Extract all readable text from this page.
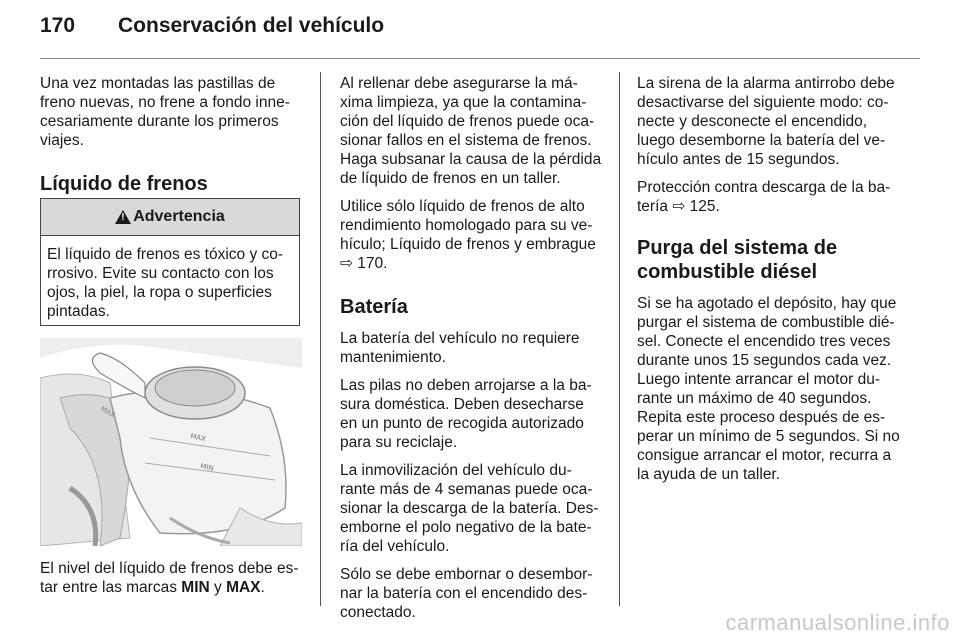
170	Conservación del vehículo

Una vez montadas las pastillas de freno nuevas, no frene a fondo inne-cesariamente durante los primeros viajes.

Líquido de frenos
! Advertencia
El líquido de frenos es tóxico y co-rrosivo. Evite su contacto con los ojos, la piel, la ropa o superficies pintadas.
MAX
MAX
MIN
El nivel del líquido de frenos debe es-tar entre las marcas MIN y MAX.

Al rellenar debe asegurarse la má-xima limpieza, ya que la contamina-ción del líquido de frenos puede oca-sionar fallos en el sistema de frenos. Haga subsanar la causa de la pérdida de líquido de frenos en un taller.

Utilice sólo líquido de frenos de alto rendimiento homologado para su ve-hículo; Líquido de frenos y embrague ⇨ 170.

Batería

La batería del vehículo no requiere mantenimiento.

Las pilas no deben arrojarse a la ba-sura doméstica. Deben desecharse en un punto de recogida autorizado para su reciclaje.

La inmovilización del vehículo du-rante más de 4 semanas puede oca-sionar la descarga de la batería. Des-emborne el polo negativo de la bate-ría del vehículo.

Sólo se debe embornar o desembor-nar la batería con el encendido des-conectado.

La sirena de la alarma antirrobo debe desactivarse del siguiente modo: co-necte y desconecte el encendido, luego desemborne la batería del ve-hículo antes de 15 segundos.

Protección contra descarga de la ba-tería ⇨ 125.

Purga del sistema de combustible diésel

Si se ha agotado el depósito, hay que purgar el sistema de combustible dié-sel. Conecte el encendido tres veces durante unos 15 segundos cada vez. Luego intente arrancar el motor du-rante un máximo de 40 segundos. Repita este proceso después de es-perar un mínimo de 5 segundos. Si no consigue arrancar el motor, recurra a la ayuda de un taller.

carmanualsonline.info
